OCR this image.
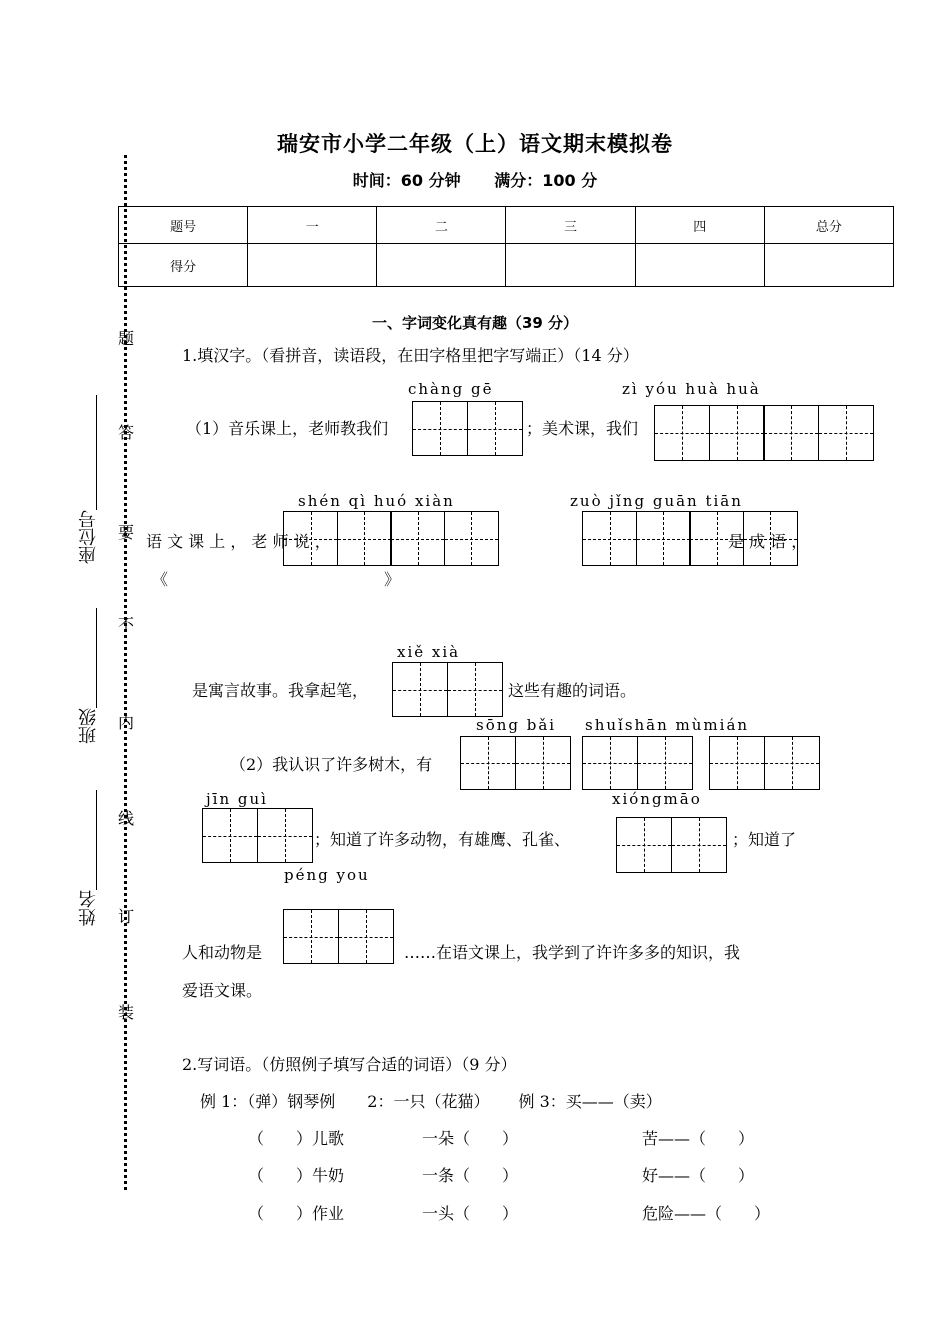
瑞安市小学二年级（上）语文期末模拟卷
时间：60 分钟 满分：100 分
题号	一	二	三	四	总分
得分					
题
答
要
不
内
线
订
装
座位号
班级
姓名
一、字词变化真有趣（39 分）
1.填汉字。（看拼音，读语段，在田字格里把字写端正）（14 分）
chàng gē	zì yóu huà huà
（1）音乐课上，老师教我们	；美术课，我们
shén qì huó xiàn	zuò jǐng guān tiān
语 文 课 上 ， 老 师 说 ，	是 成 语 ，
《	》
xiě xià
是寓言故事。我拿起笔，	这些有趣的词语。
sōng bǎi shuǐshān mùmián
（2）我认识了许多树木，有
jīn guì	xióngmāo
；知道了许多动物，有雄鹰、孔雀、	；知道了
péng you
人和动物是	……在语文课上，我学到了许许多多的知识，我
爱语文课。
2.写词语。（仿照例子填写合适的词语）（9 分）
例 1：（弹）钢琴例　　2：一只（花猫）　　 例 3：买——（卖）
（　　）儿歌	一朵（　　）	苦——（　　）
（　　）牛奶	一条（　　）	好——（　　）
（　　）作业	一头（　　）	危险——（　　）
